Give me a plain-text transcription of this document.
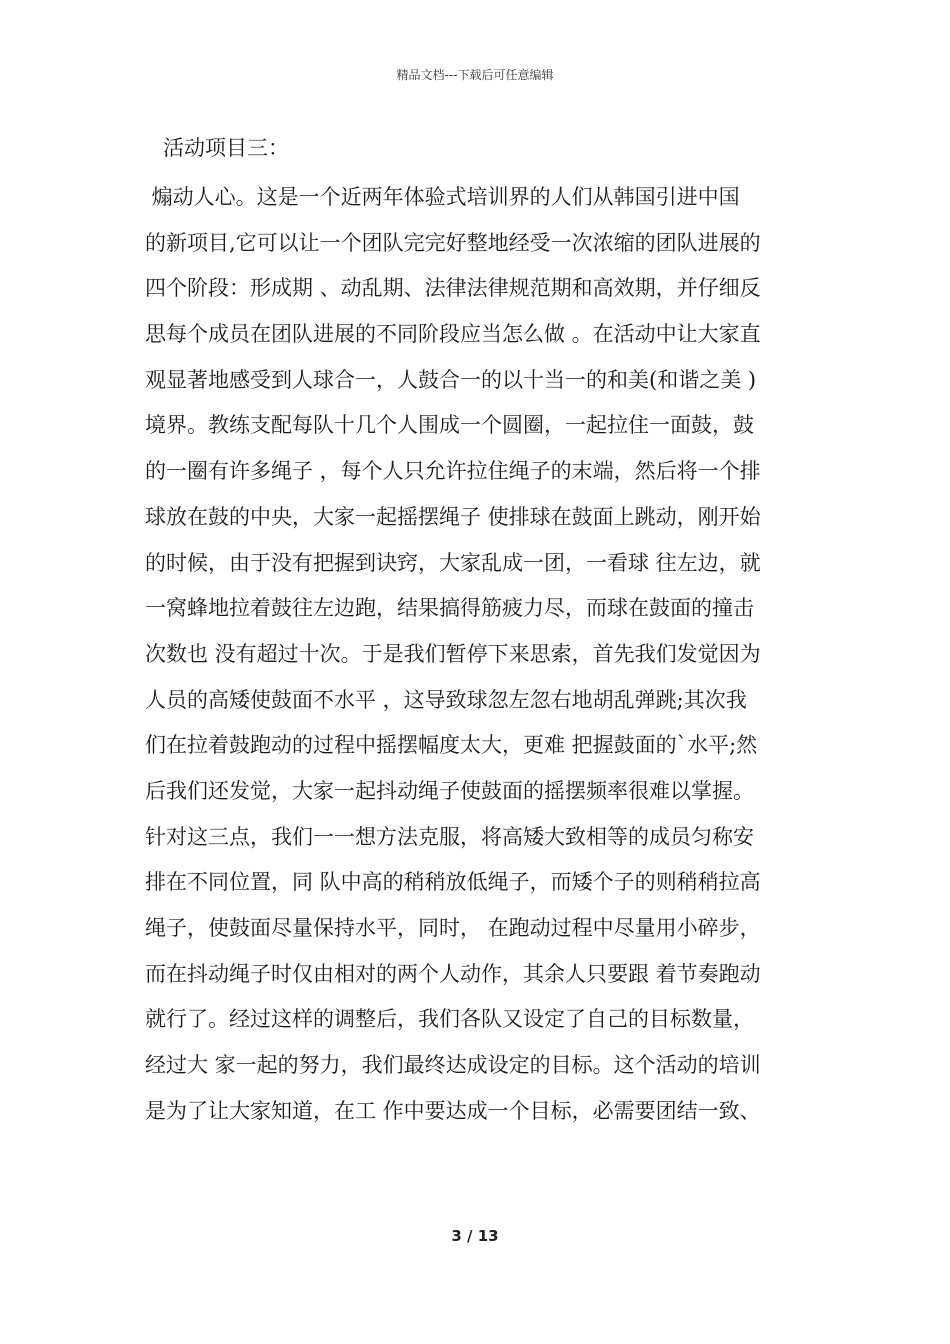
精品文档---下载后可任意编辑
活动项目三：
煽动人心。这是一个近两年体验式培训界的人们从韩国引进中国
的新项目,它可以让一个团队完完好整地经受一次浓缩的团队进展的
四个阶段：形成期 、动乱期、法律法律规范期和高效期，并仔细反
思每个成员在团队进展的不同阶段应当怎么做 。在活动中让大家直
观显著地感受到人球合一，人鼓合一的以十当一的和美(和谐之美 )
境界。教练支配每队十几个人围成一个圆圈，一起拉住一面鼓，鼓
的一圈有许多绳子 ，每个人只允许拉住绳子的末端，然后将一个排
球放在鼓的中央，大家一起摇摆绳子 使排球在鼓面上跳动，刚开始
的时候，由于没有把握到诀窍，大家乱成一团，一看球 往左边，就
一窝蜂地拉着鼓往左边跑，结果搞得筋疲力尽，而球在鼓面的撞击
次数也 没有超过十次。于是我们暂停下来思索，首先我们发觉因为
人员的高矮使鼓面不水平 ，这导致球忽左忽右地胡乱弹跳;其次我
们在拉着鼓跑动的过程中摇摆幅度太大，更难 把握鼓面的`水平;然
后我们还发觉，大家一起抖动绳子使鼓面的摇摆频率很难以掌握。
针对这三点，我们一一想方法克服，将高矮大致相等的成员匀称安
排在不同位置，同 队中高的稍稍放低绳子，而矮个子的则稍稍拉高
绳子，使鼓面尽量保持水平，同时， 在跑动过程中尽量用小碎步，
而在抖动绳子时仅由相对的两个人动作，其余人只要跟 着节奏跑动
就行了。经过这样的调整后，我们各队又设定了自己的目标数量，
经过大 家一起的努力，我们最终达成设定的目标。这个活动的培训
是为了让大家知道，在工 作中要达成一个目标，必需要团结一致、
3 / 13
